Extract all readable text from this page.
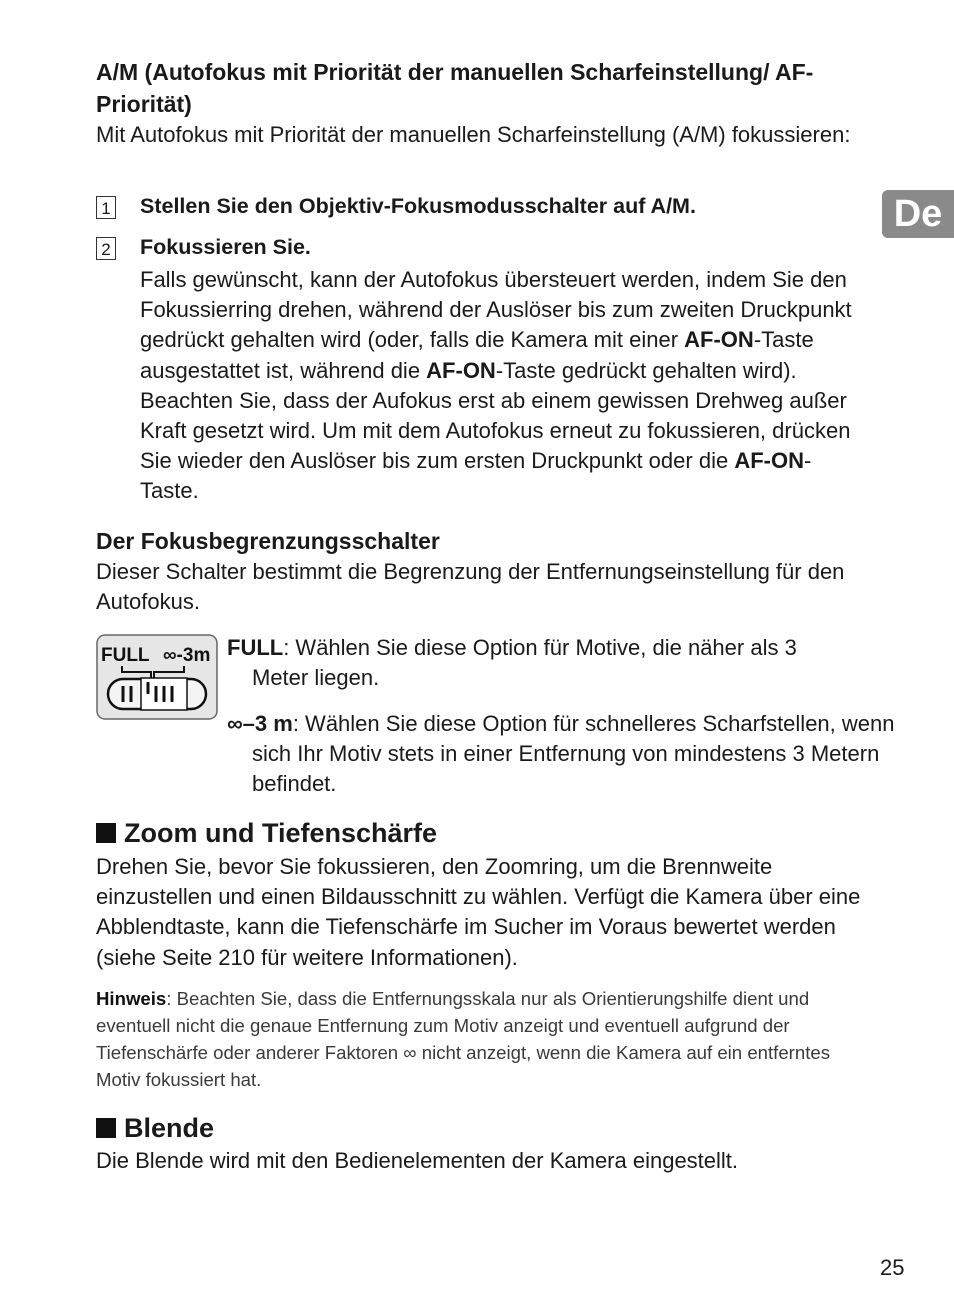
De
A/M (Autofokus mit Priorität der manuellen Scharfeinstellung/ AF-Priorität)
Mit Autofokus mit Priorität der manuellen Scharfeinstellung (A/M) fokussieren:
1 Stellen Sie den Objektiv-Fokusmodusschalter auf A/M.
2 Fokussieren Sie.
Falls gewünscht, kann der Autofokus übersteuert werden, indem Sie den Fokussierring drehen, während der Auslöser bis zum zweiten Druckpunkt gedrückt gehalten wird (oder, falls die Kamera mit einer AF-ON-Taste ausgestattet ist, während die AF-ON-Taste gedrückt gehalten wird). Beachten Sie, dass der Aufokus erst ab einem gewissen Drehweg außer Kraft gesetzt wird. Um mit dem Autofokus erneut zu fokussieren, drücken Sie wieder den Auslöser bis zum ersten Druckpunkt oder die AF-ON-Taste.
Der Fokusbegrenzungsschalter
Dieser Schalter bestimmt die Begrenzung der Entfernungseinstellung für den Autofokus.
FULL ∞-3m FULL: Wählen Sie diese Option für Motive, die näher als 3 Meter liegen.
∞–3 m: Wählen Sie diese Option für schnelleres Scharfstellen, wenn sich Ihr Motiv stets in einer Entfernung von mindestens 3 Metern befindet.
Zoom und Tiefenschärfe
Drehen Sie, bevor Sie fokussieren, den Zoomring, um die Brennweite einzustellen und einen Bildausschnitt zu wählen. Verfügt die Kamera über eine Abblendtaste, kann die Tiefenschärfe im Sucher im Voraus bewertet werden (siehe Seite 210 für weitere Informationen).
Hinweis: Beachten Sie, dass die Entfernungsskala nur als Orientierungshilfe dient und eventuell nicht die genaue Entfernung zum Motiv anzeigt und eventuell aufgrund der Tiefenschärfe oder anderer Faktoren ∞ nicht anzeigt, wenn die Kamera auf ein entferntes Motiv fokussiert hat.
Blende
Die Blende wird mit den Bedienelementen der Kamera eingestellt.
25
